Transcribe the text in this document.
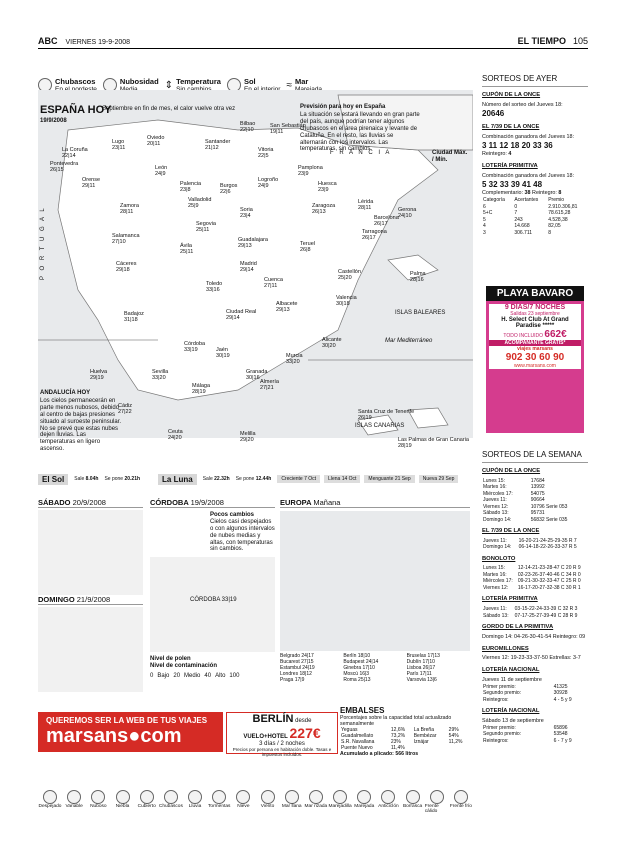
ABC VIERNES 19-9-2008	EL TIEMPO 105
Chubascos	Nubosidad ⇕ Temperatura	Sol	≈ Mar
ESPAÑA HOY
Septiembre en fin de mes, el calor vuelve otra vez
19/9/2008
Previsión para hoy en España
La situación se estará llevando en gran parte del país, aunque podrían tener algunos chubascos en el área pirenaica y levante de Cataluña. En el resto, las lluvias se alternarán con los intervalos. Las temperaturas, sin cambios.
F R A N C I A	Ciudad Máx. / Mín.
P O R T U G A L
ISLAS BALEARES
Mar Mediterráneo
ISLAS CANARIAS
ANDALUCÍA HOY
Los cielos permanecerán en parte menos nubosos, debido al centro de bajas presiones situado al suroeste peninsular. No se prevé que estas nubes dejen lluvias. Las temperaturas en ligero ascenso.
La Coruña
22|14
Lugo
23|11
Oviedo
20|11	Santander
21|12
Bilbao
22|10
San Sebastián
19|11
Pontevedra
26|15
Orense
29|11
León
24|9
Burgos
22|6
Vitoria
22|5
Pamplona
23|9
Huesca
23|9
Lérida
28|11	Gerona
24|10
Zamora
28|11
Palencia
23|8
Valladolid
25|9
Soria
23|4
Logroño
24|9
Zaragoza
26|13
Barcelona
26|17
Tarragona
26|17
Salamanca
27|10
Segovia
25|11
Ávila
25|11
Guadalajara
29|13	Teruel
26|8
Castellón
25|20
Palma
28|16
Madrid
29|14
Toledo
33|16
Cuenca
27|11
Valencia
30|18
Cáceres
29|18
Badajoz
31|18
Ciudad Real
29|14
Albacete
29|13
Alicante
30|20
Córdoba
33|19	Jaén
30|19	Murcia
33|20
Huelva
29|19
Sevilla
33|20
Granada
30|16
Almería
27|21
Málaga
28|19
Cádiz
27|22
Ceuta
24|20
Melilla
29|20
Santa Cruz de Tenerife
26|19
Las Palmas de Gran Canaria
28|19
El Sol	Sale 8.04h Se pone 20.21h	La Luna	Sale 22.32h Se pone 12.44h	Creciente 7 Oct	Llena 14 Oct	Menguante 21 Sep	Nueva 29 Sep
SÁBADO 20/9/2008
DOMINGO 21/9/2008
CÓRDOBA 19/9/2008
Pocos cambios
Cielos casi despejados o con algunos intervalos de nubes medias y altas, con temperaturas sin cambios.
CÓRDOBA 33|19
Nivel de polen
Nivel de contaminación
0 Bajo 20 Medio 40 Alto 100
EUROPA Mañana
Belgrado 24|17	Berlín 18|10	Bruselas 17|13
Bucarest 27|15	Budapest 24|14	Dublín 17|10
Estambul 24|19	Ginebra 17|10	Lisboa 26|17
Londres 18|12	Moscú 16|3	París 17|11
Praga 17|9	Roma 25|13	Varsovia 13|6
SORTEOS DE AYER
CUPÓN DE LA ONCE
Número del sorteo del Jueves 18:
20646
EL 7/39 DE LA ONCE
Combinación ganadora del Jueves 18:
3 11 12 18 20 33 36
Reintegro: 4
LOTERÍA PRIMITIVA
Combinación ganadora del Jueves 18:
5 32 33 39 41 48
Complementario: 38 Reintegro: 8
Categoría	Acertantes	Premio
6	0	2.910.306,81
5+C	7	78.615,28
5	243	4.528,38
4	14.668	82,05
3	306.711	8
PLAYA BAVARO
9 DÍAS/7 NOCHES
Salidas 23 septiembre
H. Select Club At Grand Paradise *****
TODO INCLUIDO 662€
ACOMPAÑANTE GRATIS*
viajes marsans
902 30 60 90
www.marsans.com
SORTEOS DE LA SEMANA
CUPÓN DE LA ONCE
Lunes 15:	17684
Martes 16:	13992
Miércoles 17:	54075
Jueves 11:	90664
Viernes 12:	10796 Serie 053
Sábado 13:	95731
Domingo 14:	56832 Serie 035
EL 7/39 DE LA ONCE
Jueves 11:	16-20-21-24-25-29-35 R 7
Domingo 14:	06-14-18-22-26-33-37 R 5
BONOLOTO
Lunes 15:	12-14-21-23-28-47 C 20 R 9
Martes 16:	02-23-26-37-40-46 C 34 R 0
Miércoles 17:	09-21-30-32-33-47 C 25 R 0
Viernes 12:	16-17-20-27-32-38 C 30 R 1
LOTERÍA PRIMITIVA
Jueves 11:	03-15-22-24-33-39 C 32 R 3
Sábado 13:	07-17-25-27-39-49 C 28 R 9
GORDO DE LA PRIMITIVA
Domingo 14: 04-26-30-41-54 Reintegro: 09
EUROMILLONES
Viernes 12: 19-23-33-37-50 Estrellas: 3-7
LOTERÍA NACIONAL
Jueves 11 de septiembre
Primer premio:	41325
Segundo premio:	30928
Reintegros:	4 - 5 y 9
LOTERÍA NACIONAL
Sábado 13 de septiembre
Primer premio:	65896
Segundo premio:	53548
Reintegros:	6 - 7 y 9
QUEREMOS SER LA WEB DE TUS VIAJES
marsans●com
BERLÍN desde
VUELO+HOTEL 227€
3 días / 2 noches
Precios por persona en habitación doble. Tasas e impuestos incluidos.
EMBALSES
Porcentajes sobre la capacidad total actualizado semanalmente
Yeguas	12,6%	La Breña	29%
Guadalmellato	73,2%	Bembézar	54%
S.R. Navallana	23%	Iznájar	11,2%
Puente Nuevo	11,4%		
Acumulado a plicado: 566 litros
Despejado Variable Nuboso Niebla Cubierto Chubascos Lluvia Tormentas Nieve Viento Mar llana Mar rizada Marejadilla Marejada Anticiclón Borrasca Frente cálido
Frente frío
